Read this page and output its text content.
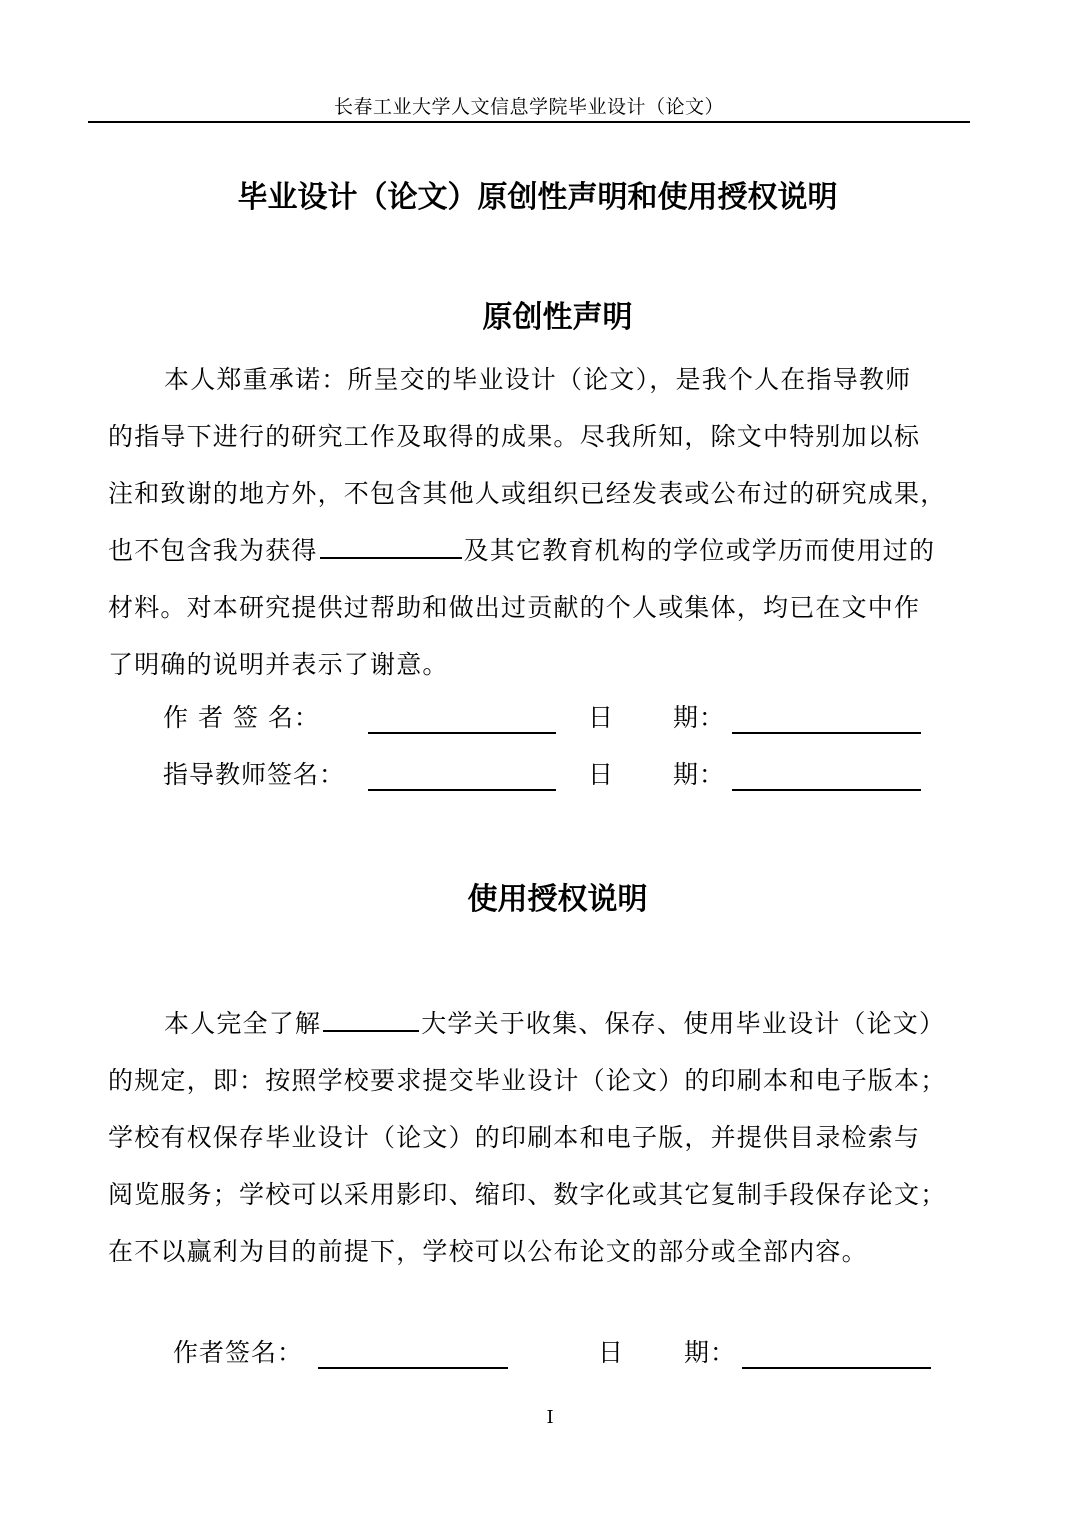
长春工业大学人文信息学院毕业设计（论文）
毕业设计（论文）原创性声明和使用授权说明
原创性声明
本人郑重承诺：所呈交的毕业设计（论文），是我个人在指导教师
的指导下进行的研究工作及取得的成果。尽我所知，除文中特别加以标
注和致谢的地方外，不包含其他人或组织已经发表或公布过的研究成果，
也不包含我为获得	及其它教育机构的学位或学历而使用过的
材料。对本研究提供过帮助和做出过贡献的个人或集体，均已在文中作
了明确的说明并表示了谢意。
作 者 签 名：	日 期：
指导教师签名：	日 期：
使用授权说明
本人完全了解	大学关于收集、保存、使用毕业设计（论文）
的规定，即：按照学校要求提交毕业设计（论文）的印刷本和电子版本；
学校有权保存毕业设计（论文）的印刷本和电子版，并提供目录检索与
阅览服务；学校可以采用影印、缩印、数字化或其它复制手段保存论文；
在不以赢利为目的前提下，学校可以公布论文的部分或全部内容。
作者签名：	日 期：
I
